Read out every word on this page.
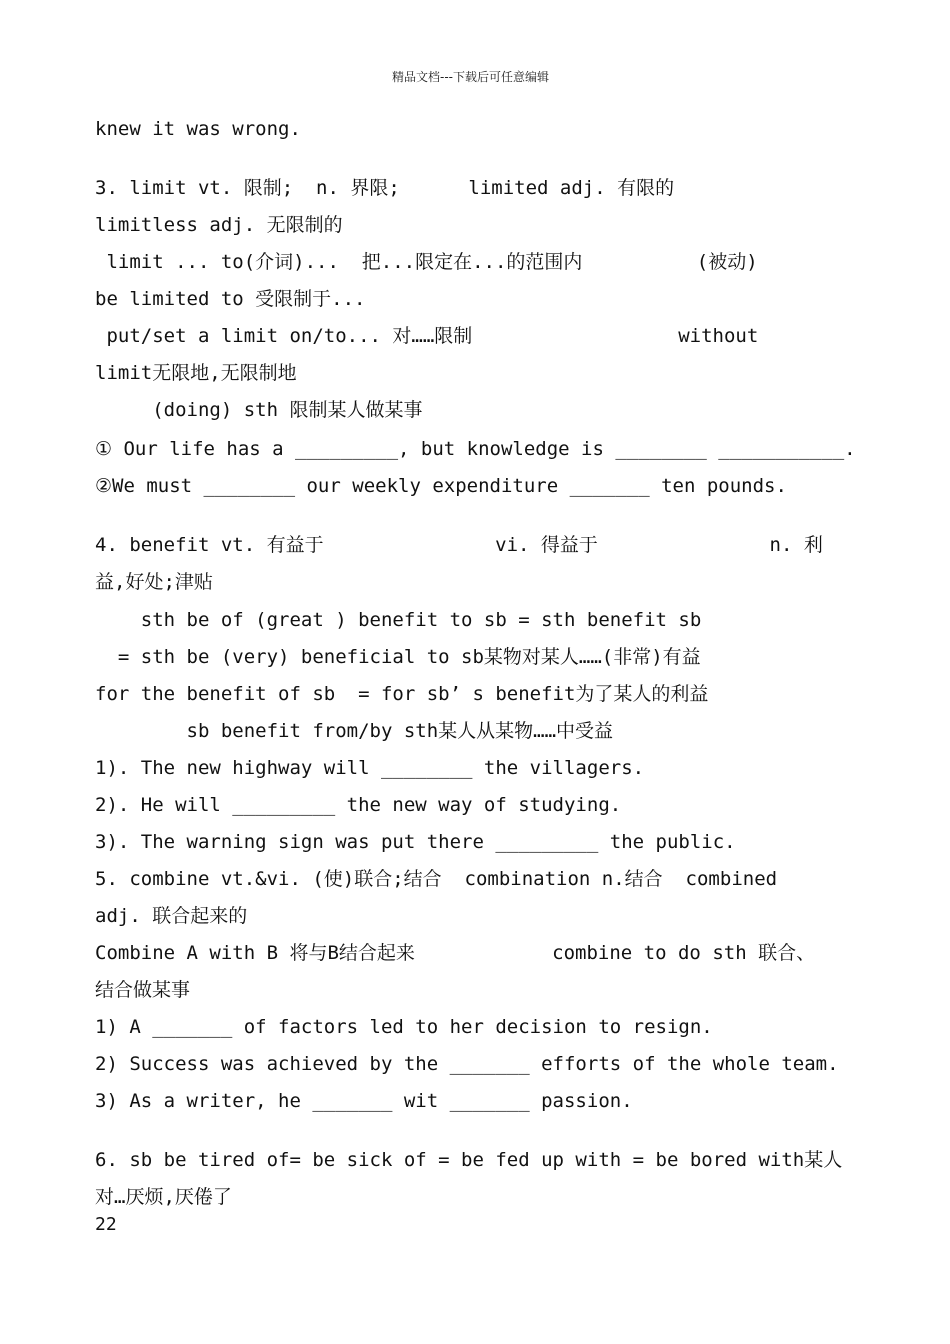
精品文档---下载后可任意编辑
knew it was wrong.
3. limit vt. 限制;  n. 界限;      limited adj. 有限的
limitless adj. 无限制的
limit ... to(介词)...  把...限定在...的范围内          (被动)
be limited to 受限制于...
put/set a limit on/to... 对……限制                  without
limit无限地,无限制地
(doing) sth 限制某人做某事
① Our life has a _________, but knowledge is ________ ___________.
②We must ________ our weekly expenditure _______ ten pounds.
4. benefit vt. 有益于               vi. 得益于               n. 利
益,好处;津贴
sth be of (great ) benefit to sb = sth benefit sb
= sth be (very) beneficial to sb某物对某人……(非常)有益
for the benefit of sb  = for sb’ s benefit为了某人的利益
sb benefit from/by sth某人从某物……中受益
1). The new highway will ________ the villagers.
2). He will _________ the new way of studying.
3). The warning sign was put there _________ the public.
5. combine vt.&vi. (使)联合;结合  combination n.结合  combined
adj. 联合起来的
Combine A with B 将与B结合起来            combine to do sth 联合、
结合做某事
1) A _______ of factors led to her decision to resign.
2) Success was achieved by the _______ efforts of the whole team.
3) As a writer, he _______ wit _______ passion.
6. sb be tired of= be sick of = be fed up with = be bored with某人
对…厌烦,厌倦了
22
